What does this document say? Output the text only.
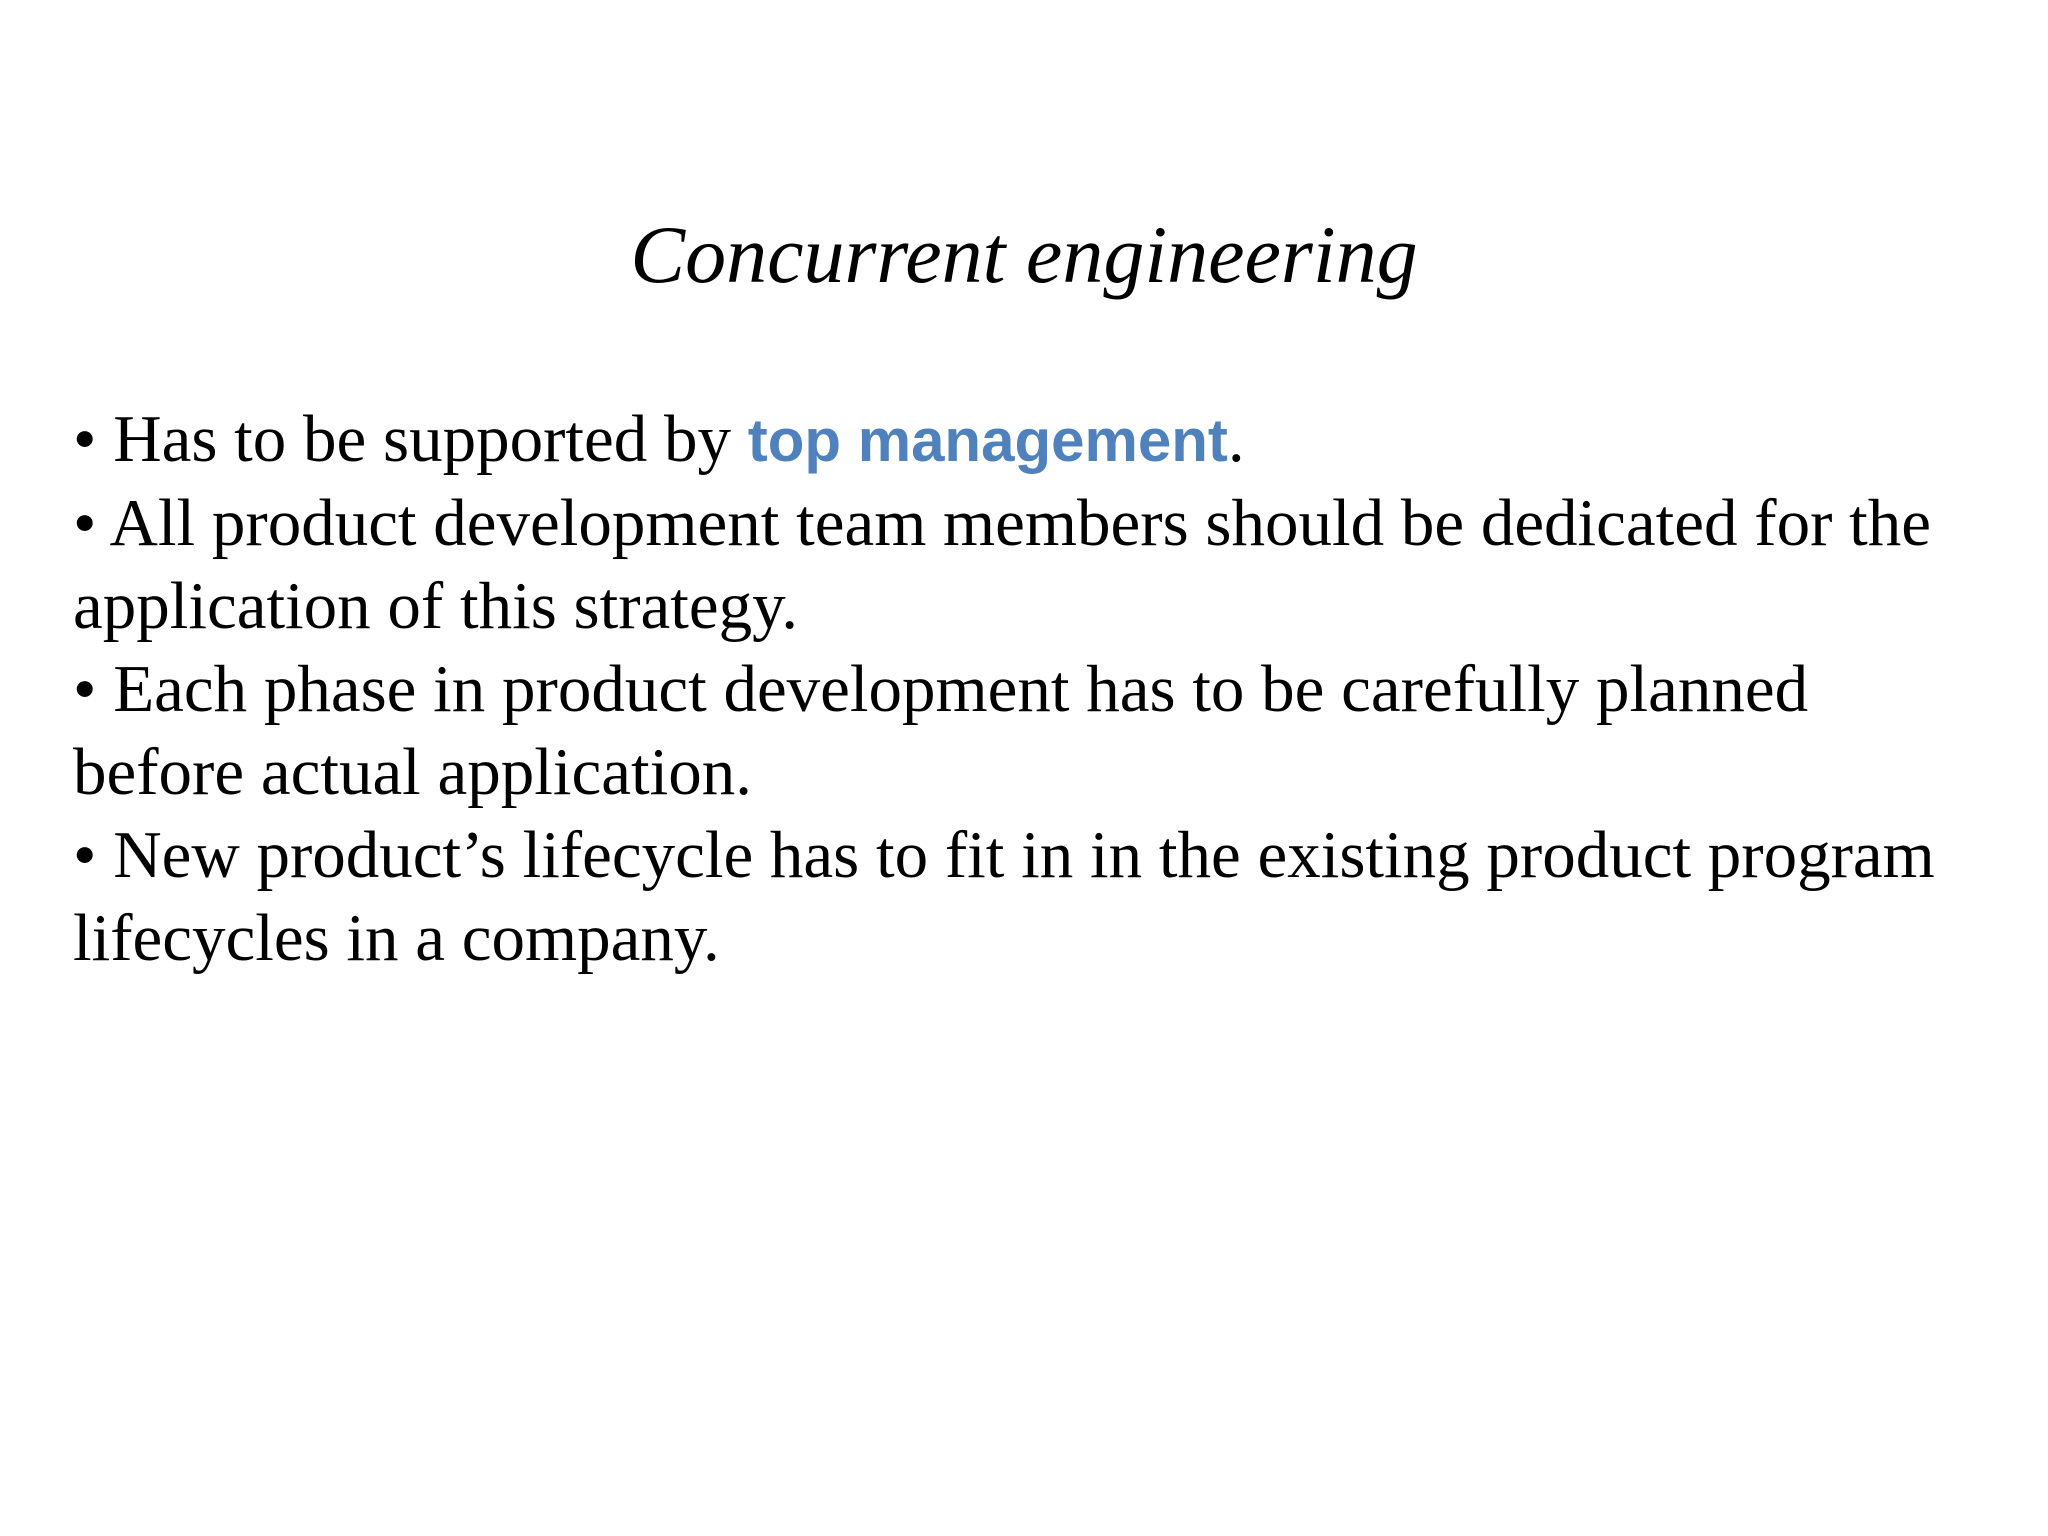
Concurrent engineering

• Has to be supported by top management.

• All product development team members should be dedicated for the application of this strategy.

• Each phase in product development has to be carefully planned before actual application.

• New product’s lifecycle has to fit in in the existing product program lifecycles in a company.
